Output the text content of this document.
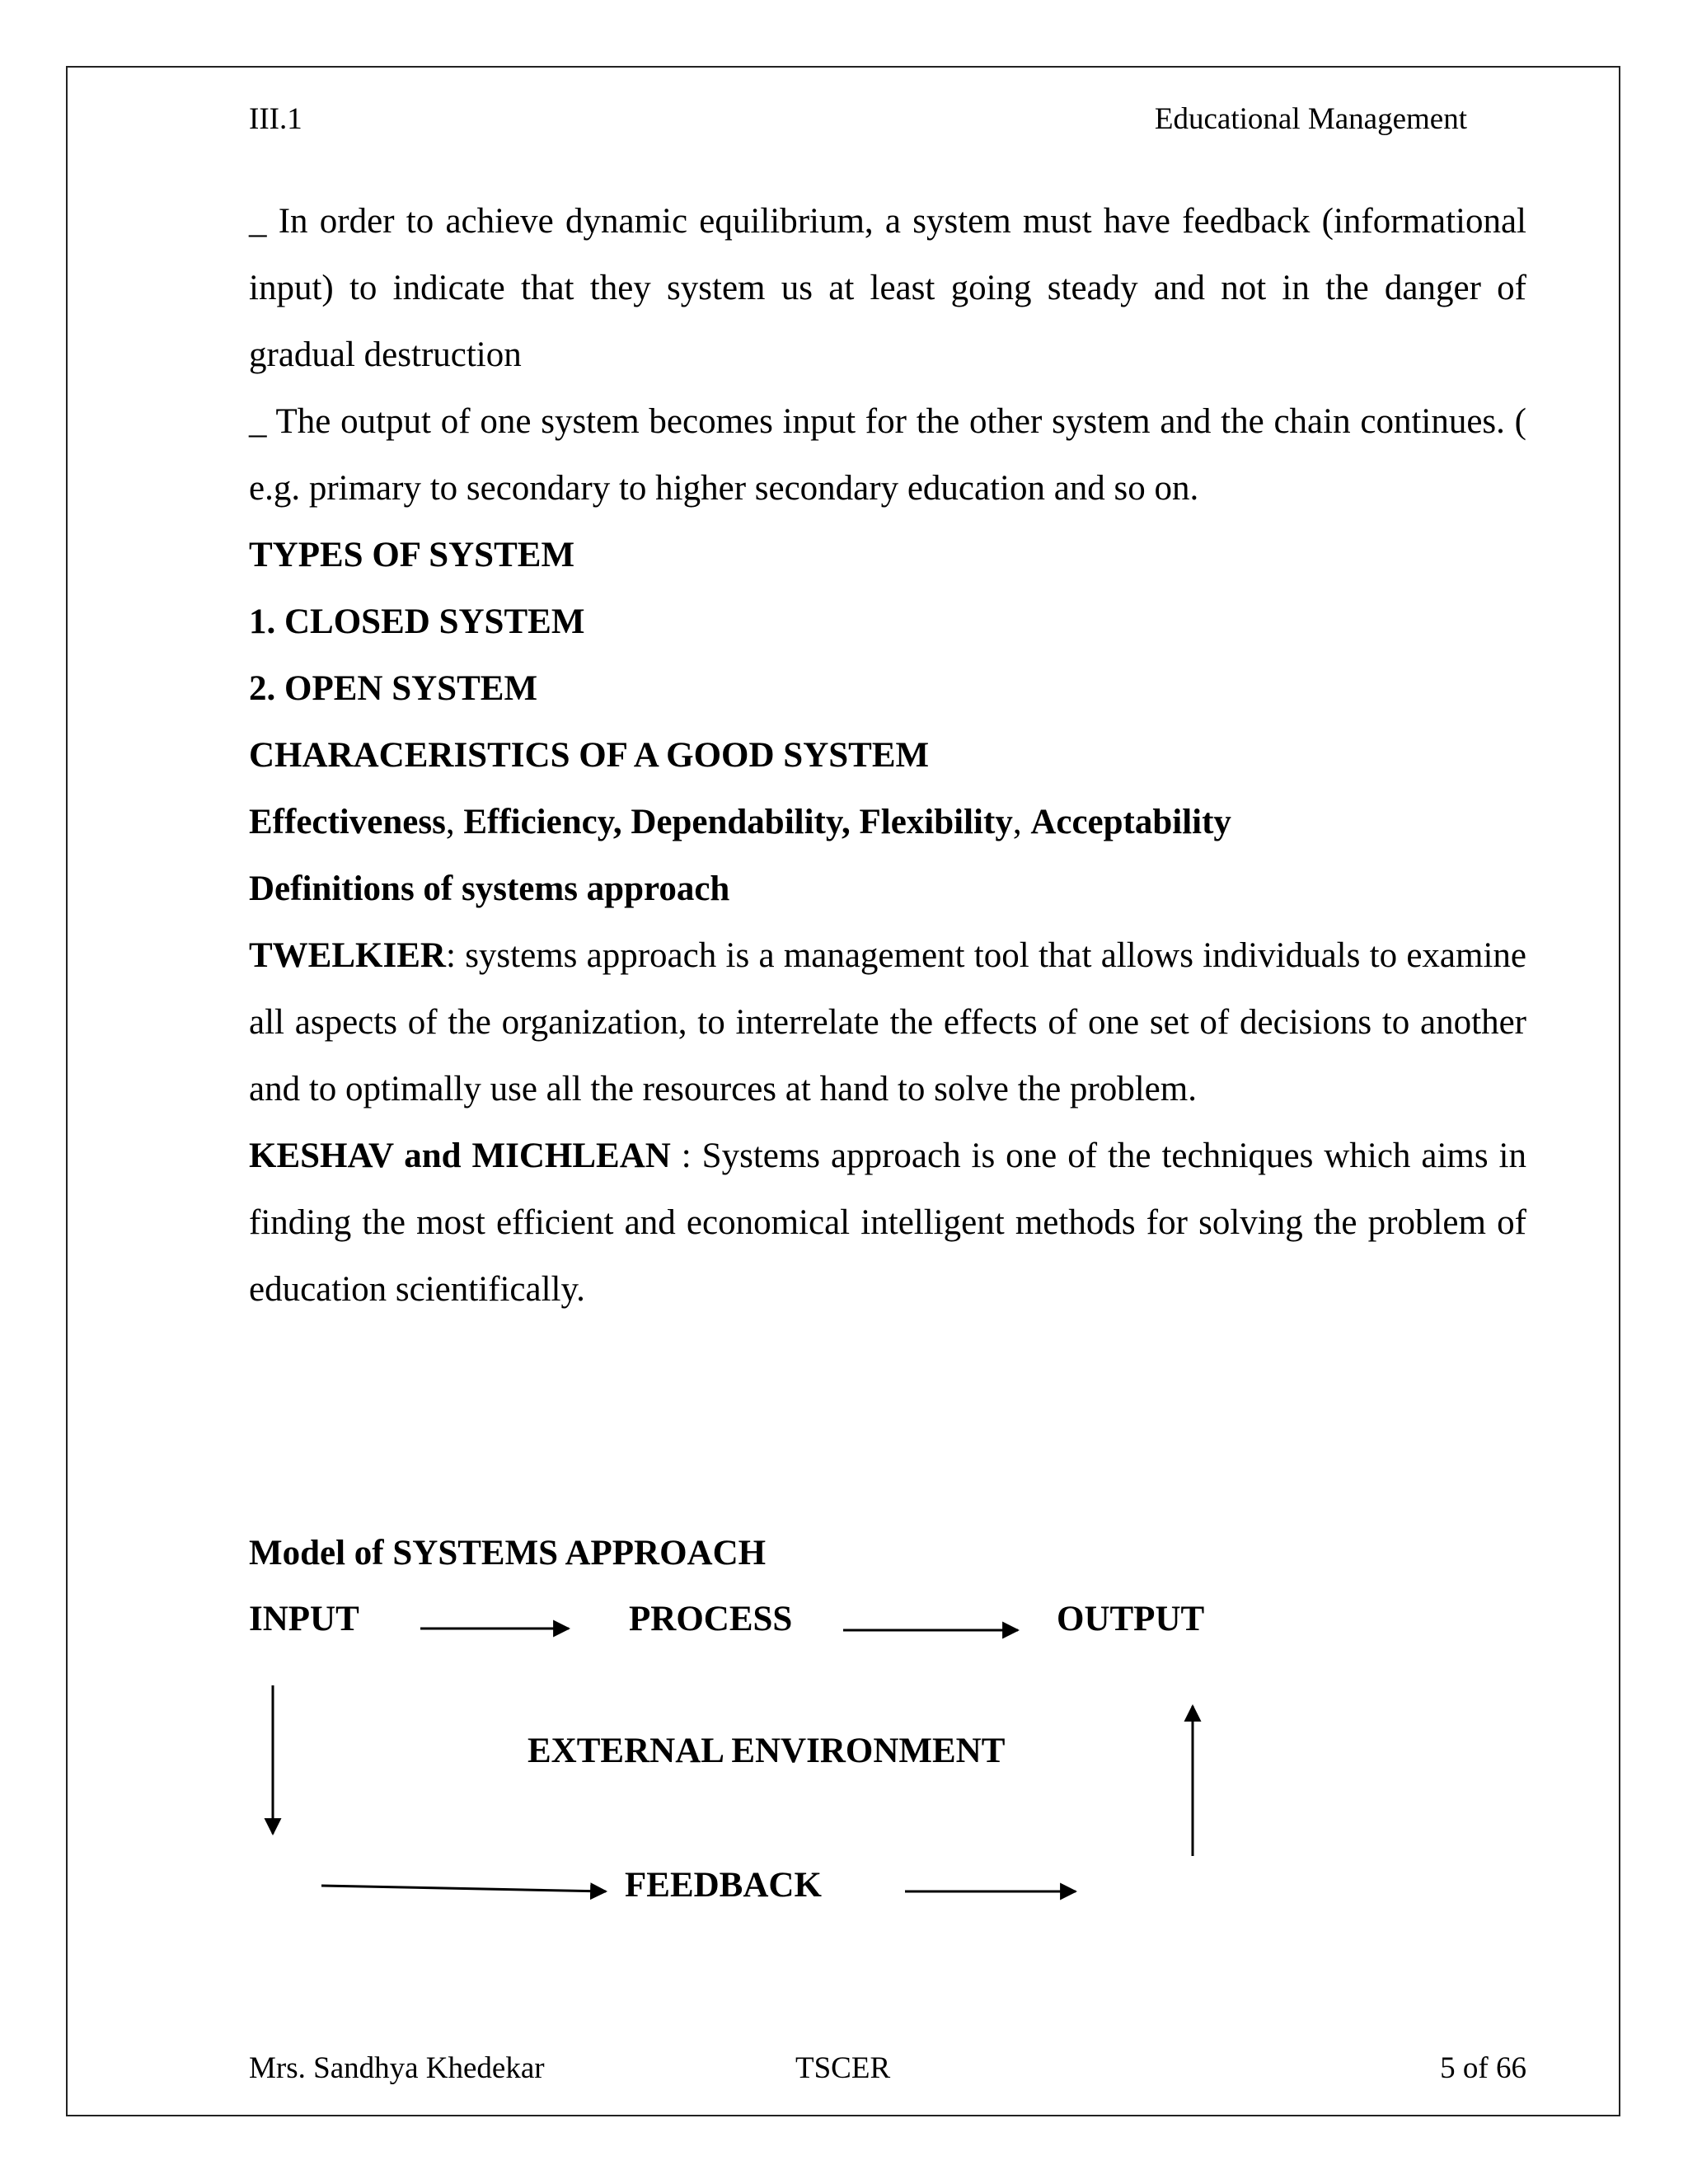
III.1	Educational Management

_ In order to achieve dynamic equilibrium, a system must have feedback (informational input) to indicate that they system us at least going steady and not in the danger of gradual destruction

_ The output of one system becomes input for the other system and the chain continues. ( e.g. primary to secondary to higher secondary education and so on.

TYPES OF SYSTEM

1. CLOSED SYSTEM

2. OPEN SYSTEM

CHARACERISTICS OF A GOOD SYSTEM

Effectiveness, Efficiency, Dependability, Flexibility, Acceptability

Definitions of systems approach

TWELKIER: systems approach is a management tool that allows individuals to examine all aspects of the organization, to interrelate the effects of one set of decisions to another and to optimally use all the resources at hand to solve the problem.

KESHAV and MICHLEAN : Systems approach is one of the techniques which aims in finding the most efficient and economical intelligent methods for solving the problem of education scientifically.

Model of SYSTEMS APPROACH
INPUT	PROCESS	OUTPUT
EXTERNAL ENVIRONMENT
FEEDBACK
Mrs. Sandhya Khedekar	TSCER	5 of 66
